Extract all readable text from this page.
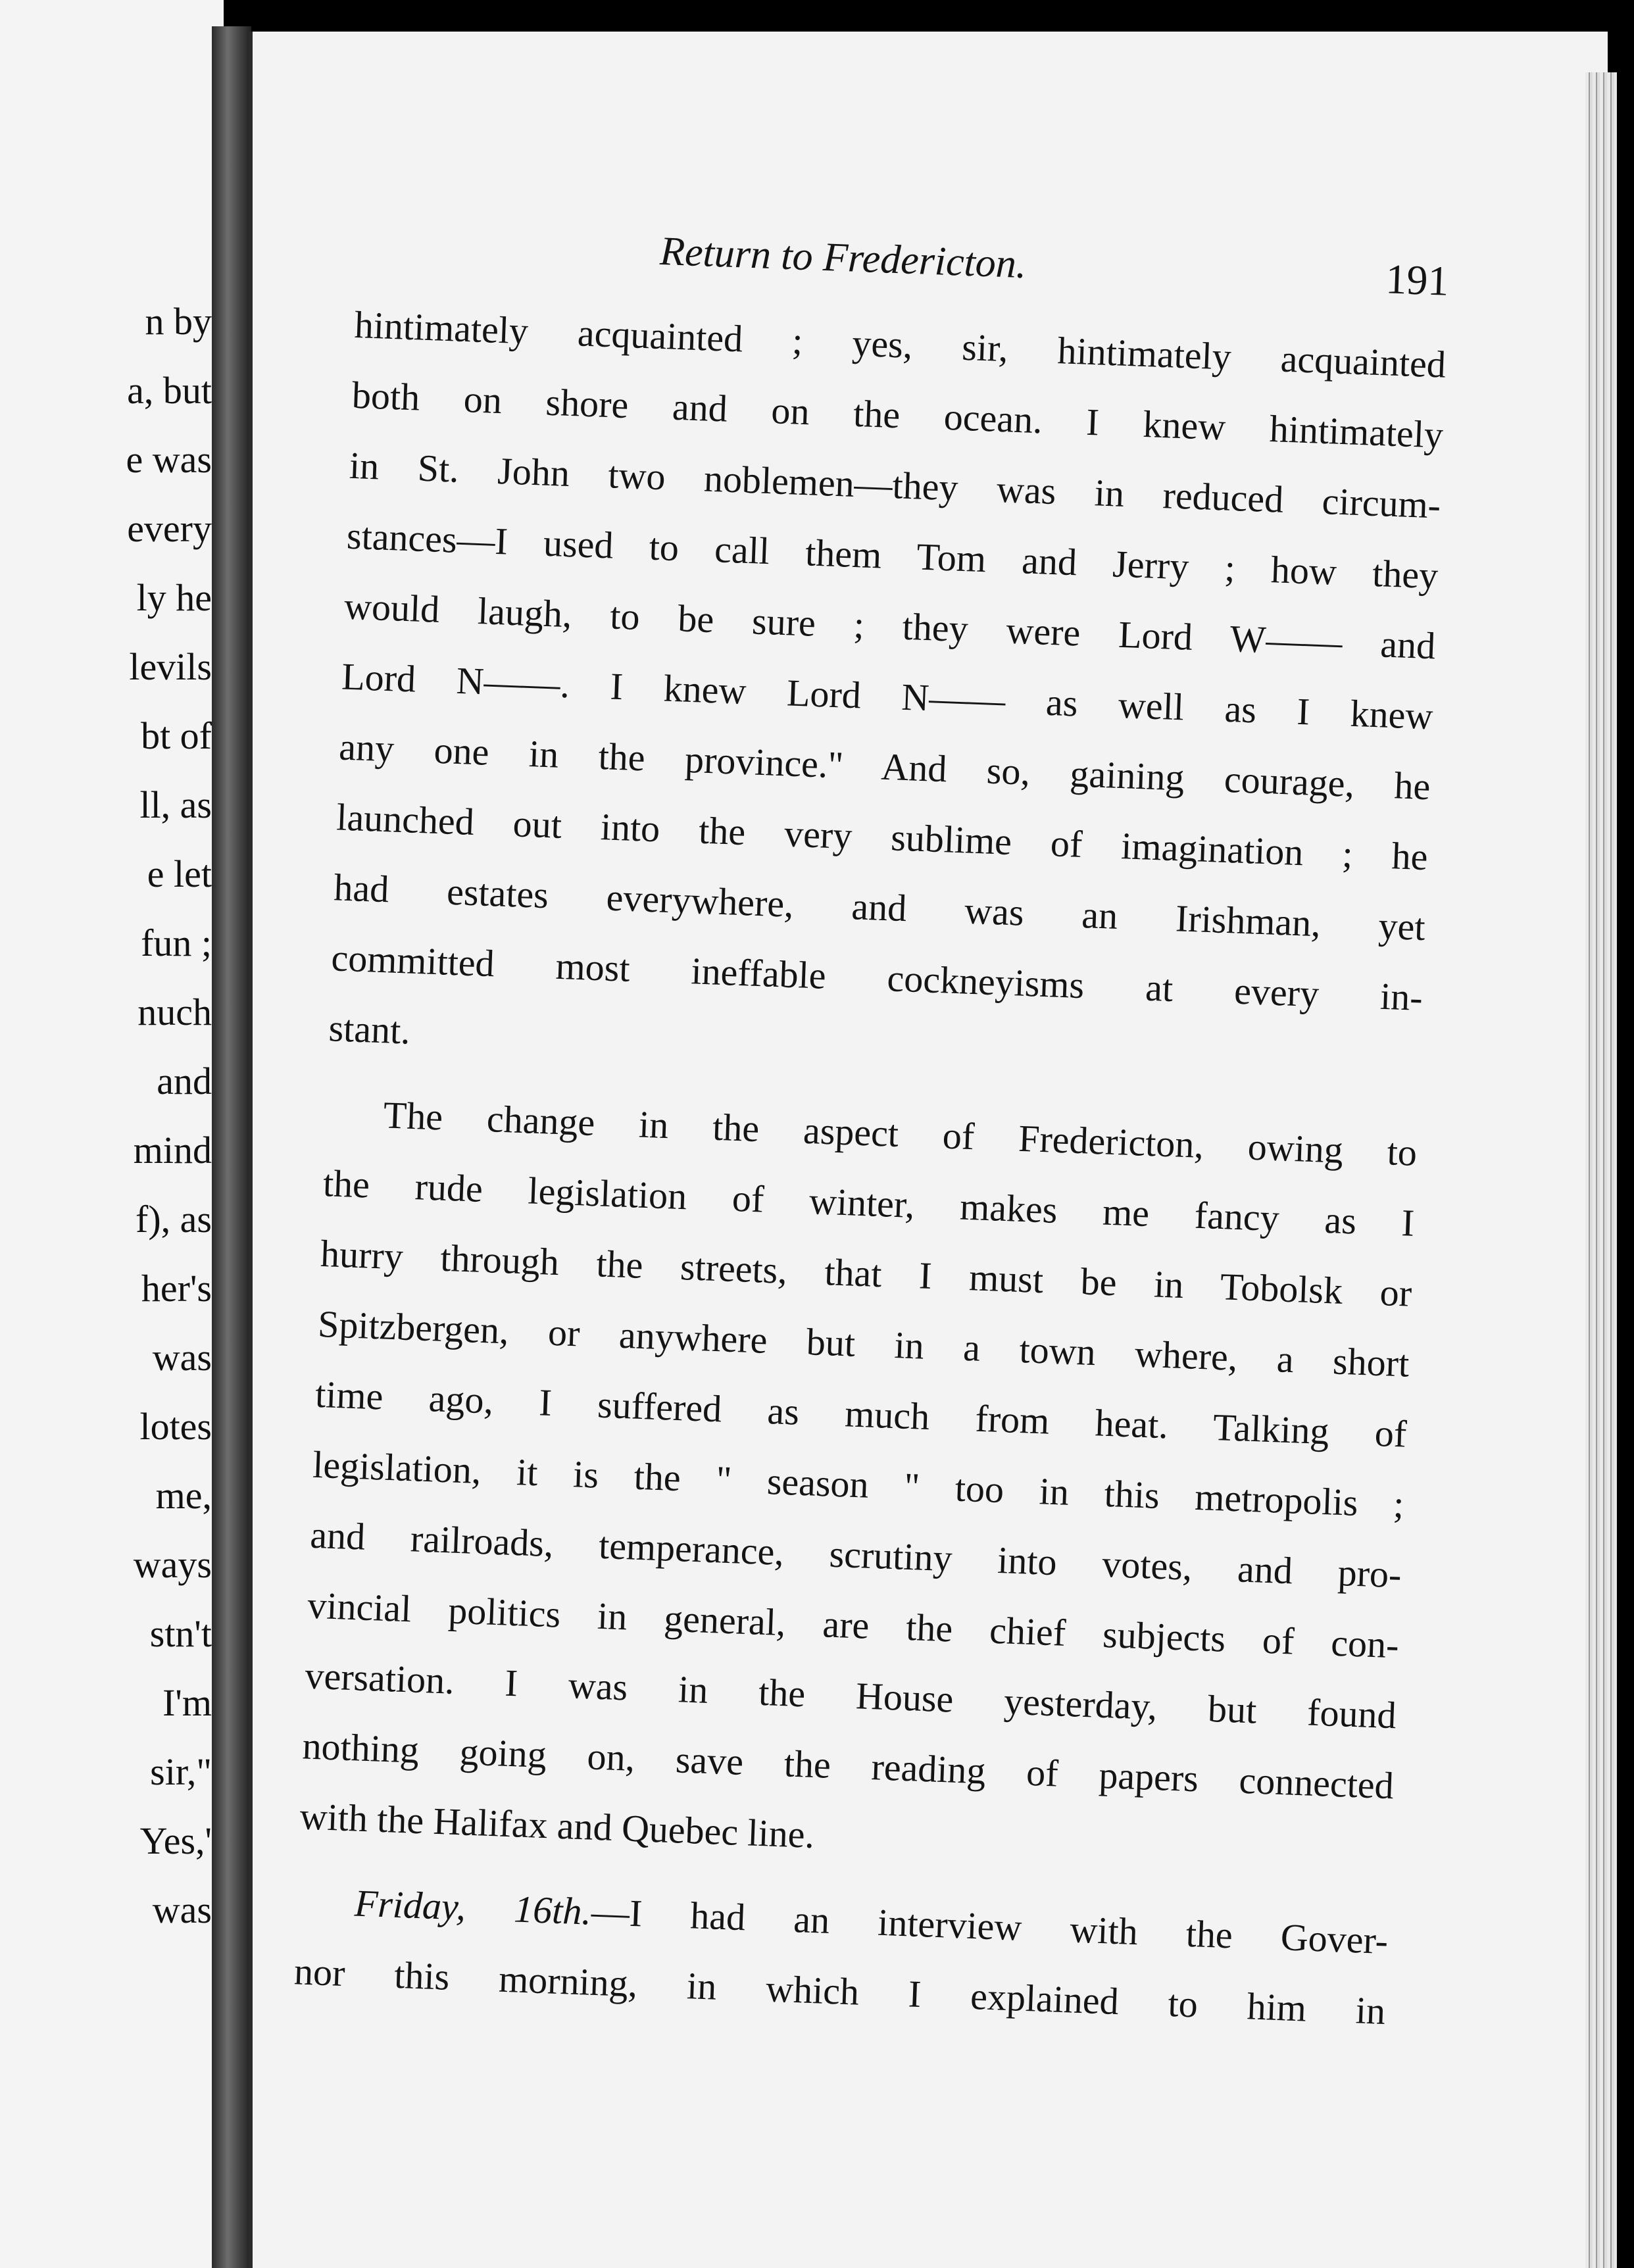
n by
a, but
e was
every
ly he
levils
bt of
ll, as
e let
fun ;
nuch
and
mind
f), as
her's
was
lotes
me,
ways
stn't
I'm
sir,"
Yes,'
was
Return to Fredericton.	191
hintimately acquainted ; yes, sir, hintimately acquainted
both on shore and on the ocean. I knew hintimately
in St. John two noblemen—they was in reduced circum-
stances—I used to call them Tom and Jerry ; how they
would laugh, to be sure ; they were Lord W—— and
Lord N——. I knew Lord N—— as well as I knew
any one in the province." And so, gaining courage, he
launched out into the very sublime of imagination ; he
had estates everywhere, and was an Irishman, yet
committed most ineffable cockneyisms at every in-
stant.
The change in the aspect of Fredericton, owing to
the rude legislation of winter, makes me fancy as I
hurry through the streets, that I must be in Tobolsk or
Spitzbergen, or anywhere but in a town where, a short
time ago, I suffered as much from heat. Talking of
legislation, it is the " season " too in this metropolis ;
and railroads, temperance, scrutiny into votes, and pro-
vincial politics in general, are the chief subjects of con-
versation. I was in the House yesterday, but found
nothing going on, save the reading of papers connected
with the Halifax and Quebec line.
Friday, 16th.—I had an interview with the Gover-
nor this morning, in which I explained to him in
